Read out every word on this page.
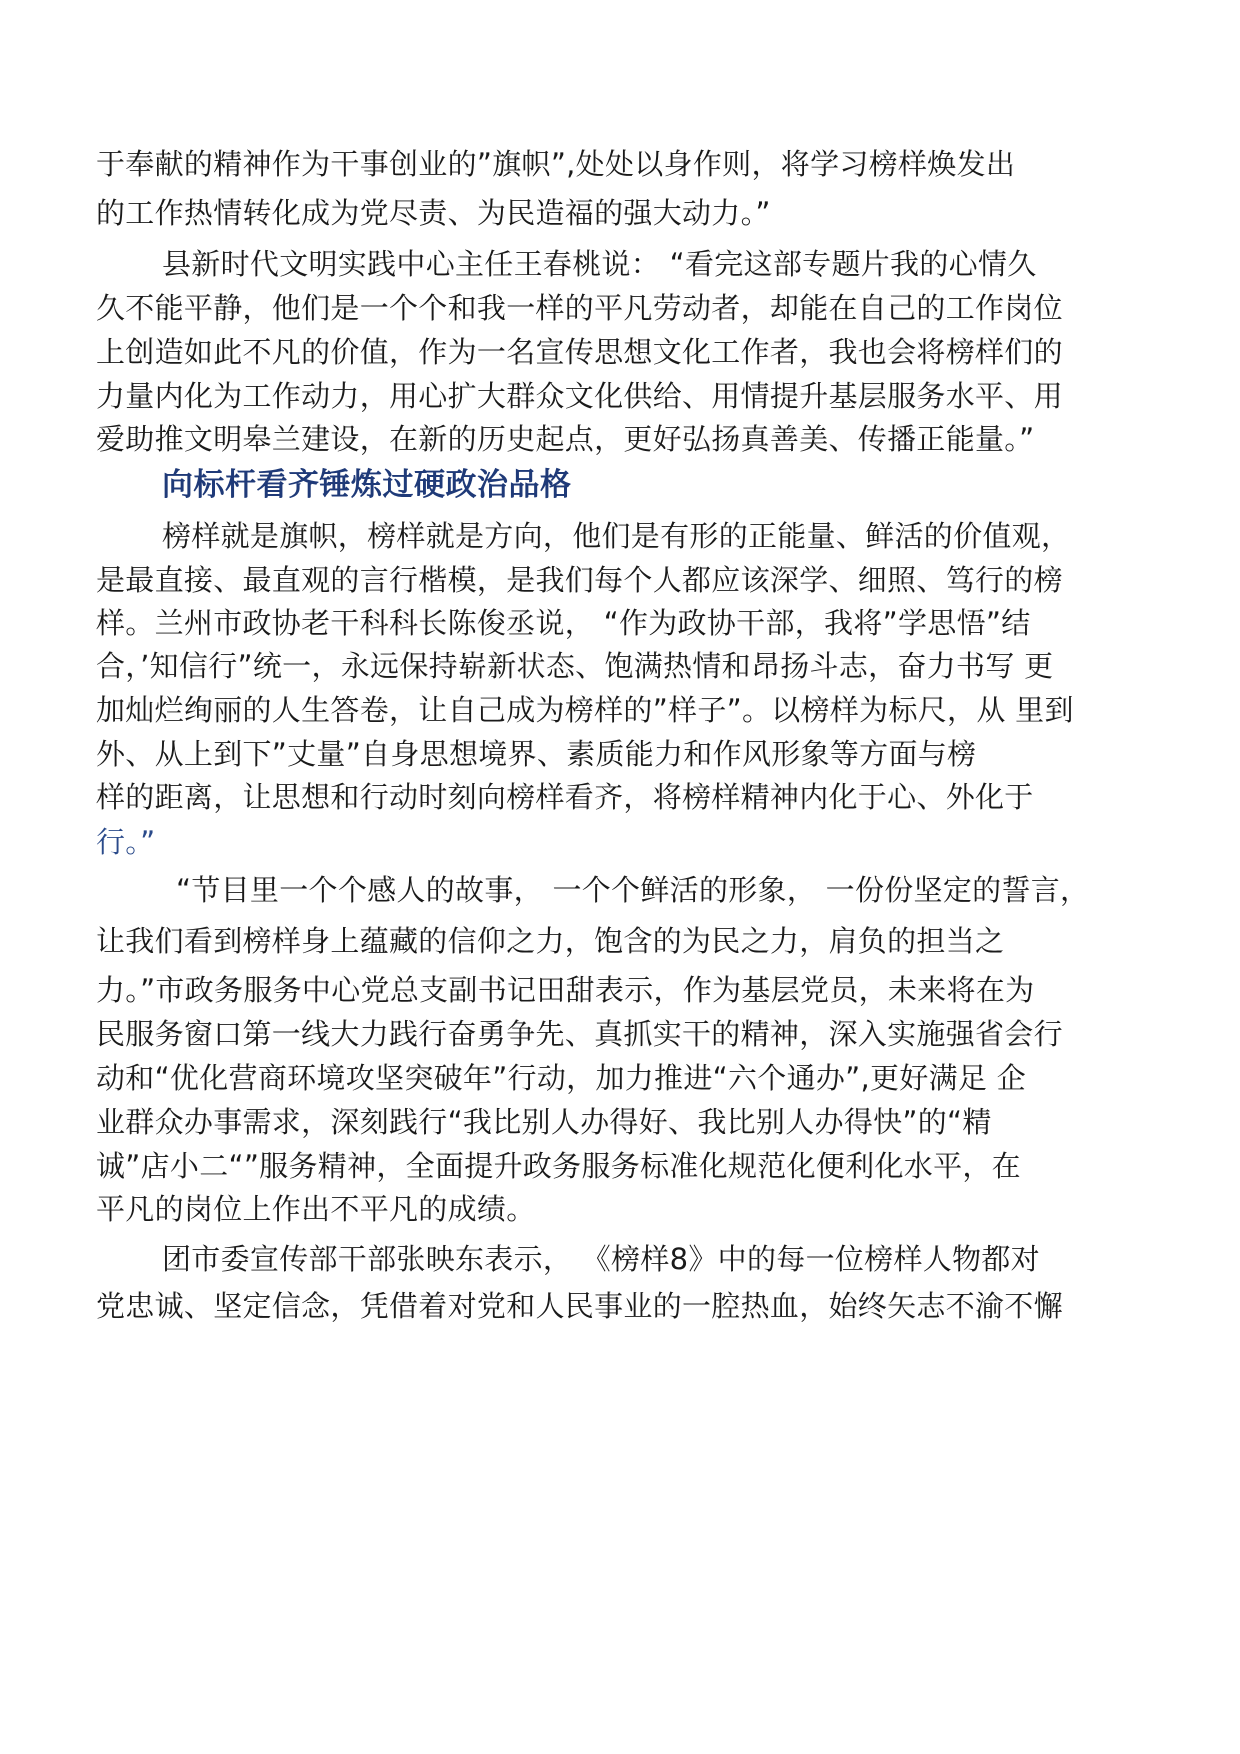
于奉献的精神作为干事创业的”旗帜”,处处以身作则，将学习榜样焕发出
的工作热情转化成为党尽责、为民造福的强大动力。”
县新时代文明实践中心主任王春桃说： “看完这部专题片我的心情久
久不能平静，他们是一个个和我一样的平凡劳动者，却能在自己的工作岗位
上创造如此不凡的价值，作为一名宣传思想文化工作者，我也会将榜样们的
力量内化为工作动力，用心扩大群众文化供给、用情提升基层服务水平、用
爱助推文明皋兰建设，在新的历史起点，更好弘扬真善美、传播正能量。”
向标杆看齐锤炼过硬政治品格
榜样就是旗帜，榜样就是方向，他们是有形的正能量、鲜活的价值观，
是最直接、最直观的言行楷模，是我们每个人都应该深学、细照、笃行的榜
样。兰州市政协老干科科长陈俊丞说， “作为政协干部，我将”学思悟”结
合，’知信行”统一，永远保持崭新状态、饱满热情和昂扬斗志，奋力书写 更
加灿烂绚丽的人生答卷，让自己成为榜样的”样子”。以榜样为标尺，从 里到
外、从上到下”丈量”自身思想境界、素质能力和作风形象等方面与榜
样的距离，让思想和行动时刻向榜样看齐，将榜样精神内化于心、外化于
行。”
“节目里一个个感人的故事， 一个个鲜活的形象， 一份份坚定的誓言，
让我们看到榜样身上蕴藏的信仰之力，饱含的为民之力，肩负的担当之
力。”市政务服务中心党总支副书记田甜表示，作为基层党员，未来将在为
民服务窗口第一线大力践行奋勇争先、真抓实干的精神，深入实施强省会行
动和“优化营商环境攻坚突破年”行动，加力推进“六个通办”,更好满足 企
业群众办事需求，深刻践行“我比别人办得好、我比别人办得快”的“精
诚”店小二“”服务精神，全面提升政务服务标准化规范化便利化水平，在
平凡的岗位上作出不平凡的成绩。
团市委宣传部干部张映东表示， 《榜样8》中的每一位榜样人物都对
党忠诚、坚定信念，凭借着对党和人民事业的一腔热血，始终矢志不渝不懈
